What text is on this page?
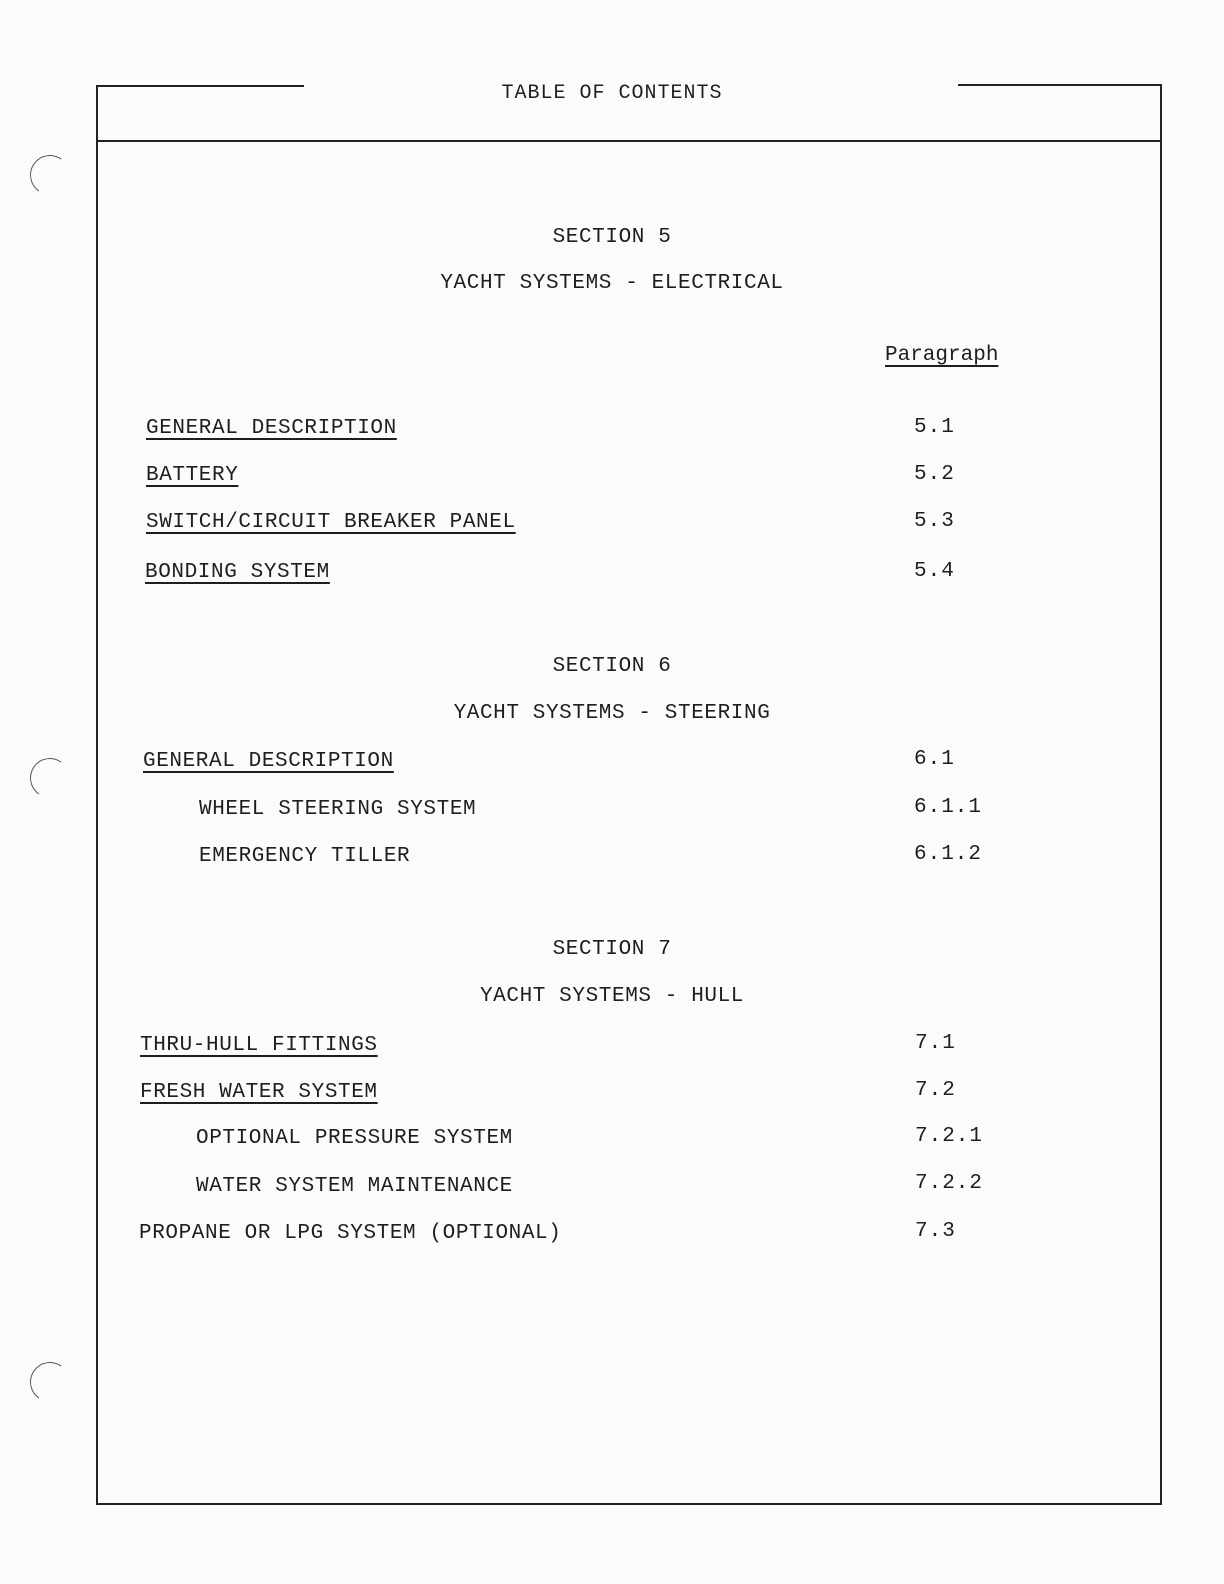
TABLE OF CONTENTS
SECTION 5
YACHT SYSTEMS - ELECTRICAL
Paragraph
GENERAL DESCRIPTION	5.1
BATTERY	5.2
SWITCH/CIRCUIT BREAKER PANEL	5.3
BONDING SYSTEM	5.4
SECTION 6
YACHT SYSTEMS - STEERING
GENERAL DESCRIPTION	6.1
WHEEL STEERING SYSTEM	6.1.1
EMERGENCY TILLER	6.1.2
SECTION 7
YACHT SYSTEMS - HULL
THRU-HULL FITTINGS	7.1
FRESH WATER SYSTEM	7.2
OPTIONAL PRESSURE SYSTEM	7.2.1
WATER SYSTEM MAINTENANCE	7.2.2
PROPANE OR LPG SYSTEM (OPTIONAL)	7.3
